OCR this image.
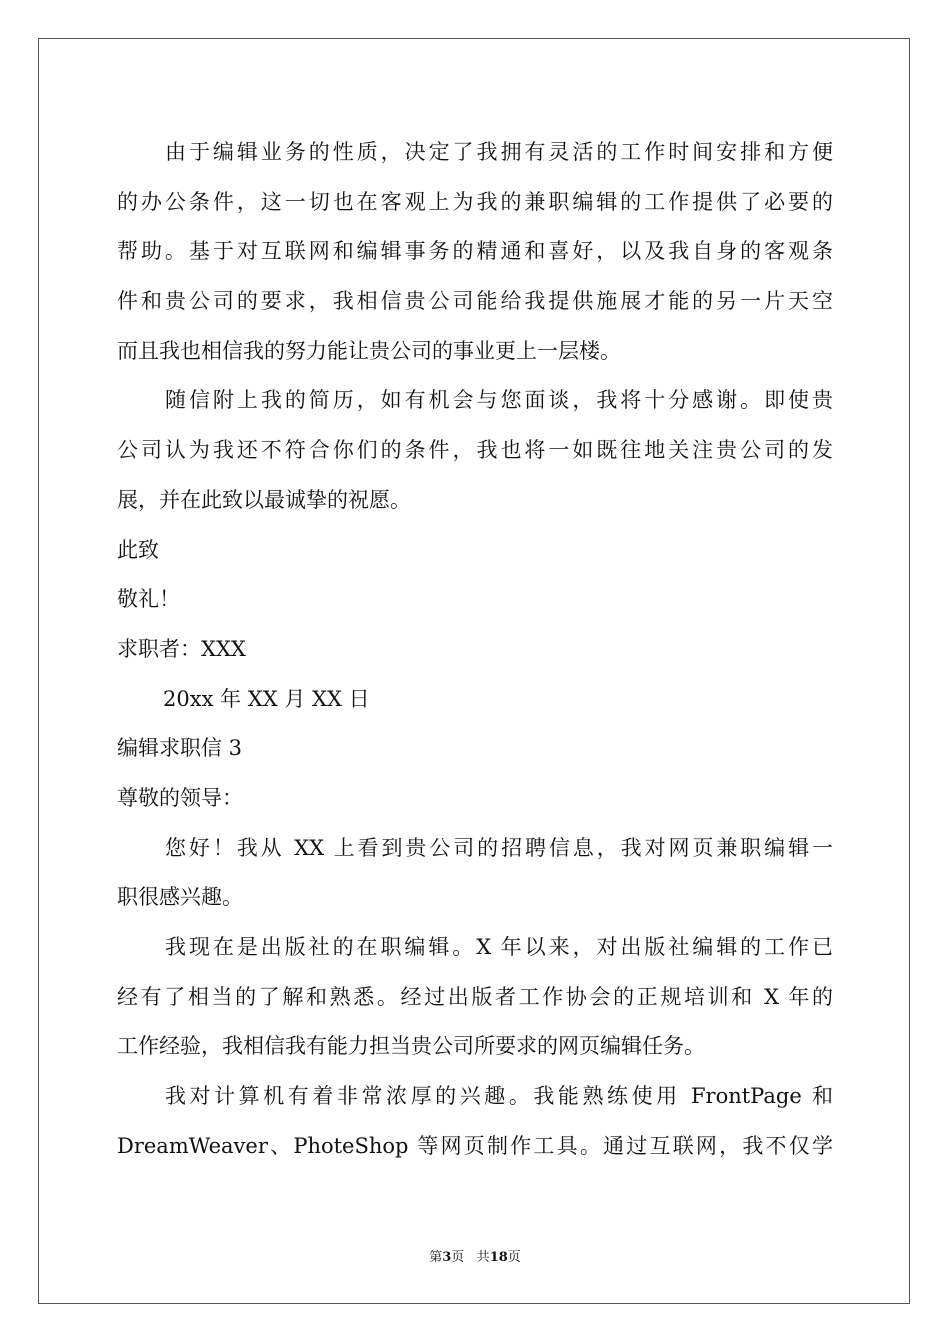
由于编辑业务的性质，决定了我拥有灵活的工作时间安排和方便
的办公条件，这一切也在客观上为我的兼职编辑的工作提供了必要的
帮助。基于对互联网和编辑事务的精通和喜好，以及我自身的客观条
件和贵公司的要求，我相信贵公司能给我提供施展才能的另一片天空
而且我也相信我的努力能让贵公司的事业更上一层楼。
随信附上我的简历，如有机会与您面谈，我将十分感谢。即使贵
公司认为我还不符合你们的条件，我也将一如既往地关注贵公司的发
展，并在此致以最诚挚的祝愿。
此致
敬礼！
求职者：XXX
20xx 年 XX 月 XX 日
编辑求职信 3
尊敬的领导：
您好！我从 XX 上看到贵公司的招聘信息，我对网页兼职编辑一
职很感兴趣。
我现在是出版社的在职编辑。X 年以来，对出版社编辑的工作已
经有了相当的了解和熟悉。经过出版者工作协会的正规培训和 X 年的
工作经验，我相信我有能力担当贵公司所要求的网页编辑任务。
我对计算机有着非常浓厚的兴趣。我能熟练使用 FrontPage 和
DreamWeaver、PhoteShop 等网页制作工具。通过互联网，我不仅学
第3页 共18页
